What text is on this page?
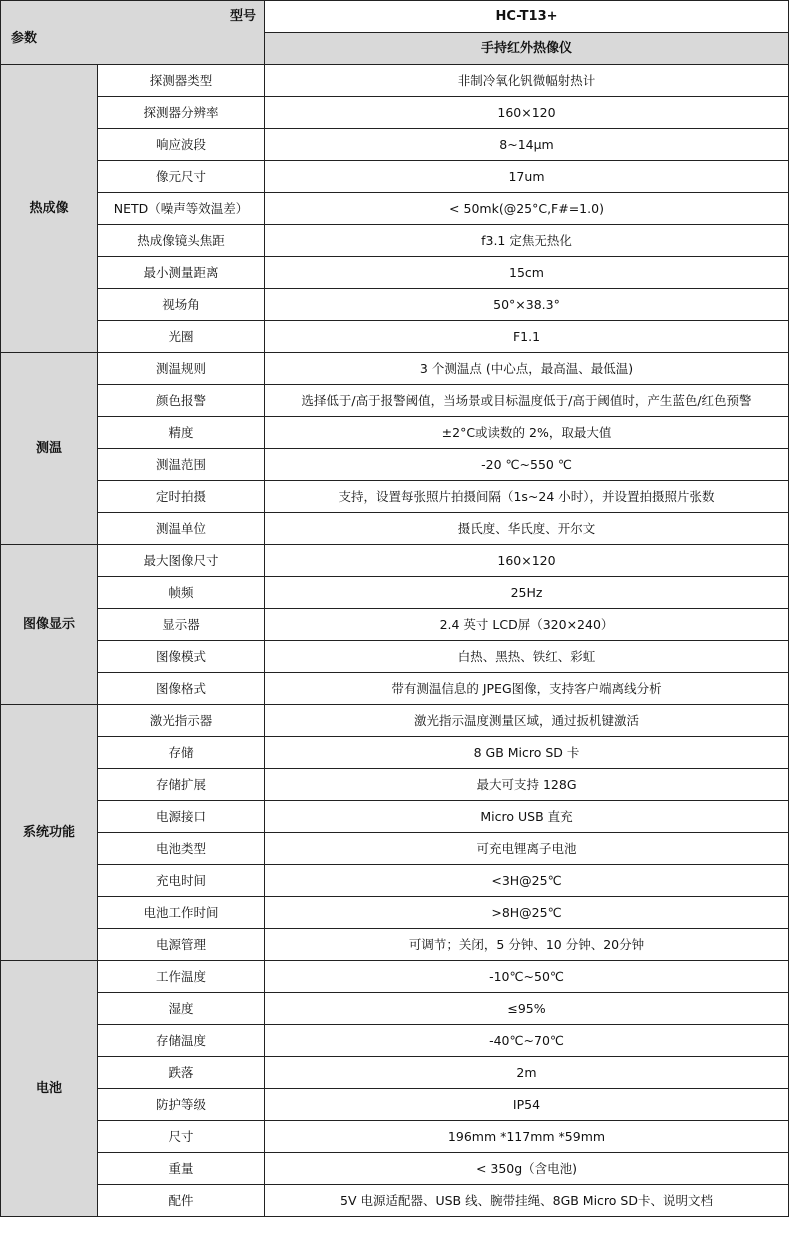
型号
参数		HC-T13+
		手持红外热像仪
热成像	探测器类型	非制冷氧化钒微幅射热计
	探测器分辨率	160×120
	响应波段	8~14μm
	像元尺寸	17um
	NETD（噪声等效温差）	< 50mk(@25°C,F#=1.0)
	热成像镜头焦距	f3.1 定焦无热化
	最小测量距离	15cm
	视场角	50°×38.3°
	光圈	F1.1
测温	测温规则	3 个测温点 (中心点，最高温、最低温)
	颜色报警	选择低于/高于报警阈值，当场景或目标温度低于/高于阈值时，产生蓝色/红色预警
	精度	±2°C或读数的 2%，取最大值
	测温范围	-20 ℃~550 ℃
	定时拍摄	支持，设置每张照片拍摄间隔（1s~24 小时），并设置拍摄照片张数
	测温单位	摄氏度、华氏度、开尔文
图像显示	最大图像尺寸	160×120
	帧频	25Hz
	显示器	2.4 英寸 LCD屏（320×240）
	图像模式	白热、黑热、铁红、彩虹
	图像格式	带有测温信息的 JPEG图像，支持客户端离线分析
系统功能	激光指示器	激光指示温度测量区域，通过扳机键激活
	存储	8 GB Micro SD 卡
	存储扩展	最大可支持 128G
	电源接口	Micro USB 直充
	电池类型	可充电锂离子电池
	充电时间	<3H@25℃
	电池工作时间	>8H@25℃
	电源管理	可调节；关闭，5 分钟、10 分钟、20分钟
电池	工作温度	-10℃~50℃
	湿度	≤95%
	存储温度	-40℃~70℃
	跌落	2m
	防护等级	IP54
	尺寸	196mm *117mm *59mm
	重量	< 350g（含电池)
	配件	5V 电源适配器、USB 线、腕带挂绳、8GB Micro SD卡、说明文档
